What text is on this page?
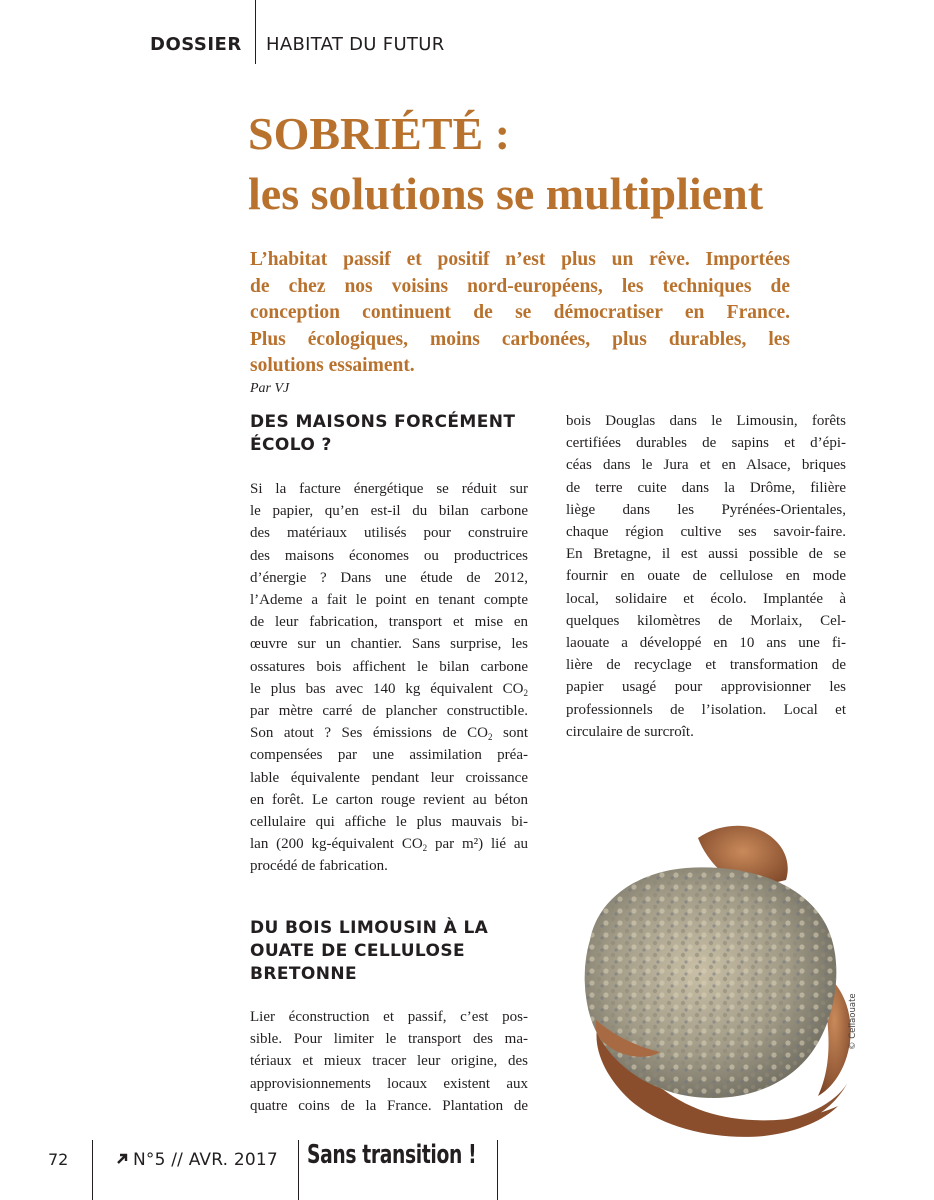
DOSSIER HABITAT DU FUTUR
SOBRIÉTÉ :
les solutions se multiplient

L’habitat passif et positif n’est plus un rêve. Importées
de chez nos voisins nord-européens, les techniques de
conception continuent de se démocratiser en France.
Plus écologiques, moins carbonées, plus durables, les
solutions essaiment.

Par VJ
DES MAISONS FORCÉMENT
ÉCOLO ?

Si la facture énergétique se réduit sur
le papier, qu’en est-il du bilan carbone
des matériaux utilisés pour construire
des maisons économes ou productrices
d’énergie ? Dans une étude de 2012,
l’Ademe a fait le point en tenant compte
de leur fabrication, transport et mise en
œuvre sur un chantier. Sans surprise, les
ossatures bois affichent le bilan carbone
le plus bas avec 140 kg équivalent $CO_2$
par mètre carré de plancher constructible.
Son atout ? Ses émissions de $CO_2$ sont
compensées par une assimilation préa-
lable équivalente pendant leur croissance
en forêt. Le carton rouge revient au béton
cellulaire qui affiche le plus mauvais bi-
lan (200 kg-équivalent $CO_2$ par m²) lié au
procédé de fabrication.

DU BOIS LIMOUSIN À LA
OUATE DE CELLULOSE
BRETONNE

Lier éconstruction et passif, c’est pos-
sible. Pour limiter le transport des ma-
tériaux et mieux tracer leur origine, des
approvisionnements locaux existent aux
quatre coins de la France. Plantation de

bois Douglas dans le Limousin, forêts
certifiées durables de sapins et d’épi-
céas dans le Jura et en Alsace, briques
de terre cuite dans la Drôme, filière
liège dans les Pyrénées-Orientales,
chaque région cultive ses savoir-faire.
En Bretagne, il est aussi possible de se
fournir en ouate de cellulose en mode
local, solidaire et écolo. Implantée à
quelques kilomètres de Morlaix, Cel-
laouate a développé en 10 ans une fi-
lière de recyclage et transformation de
papier usagé pour approvisionner les
professionnels de l’isolation. Local et
circulaire de surcroît.

© Cellaouate
72	N°5 // AVR. 2017 Sans transition !
